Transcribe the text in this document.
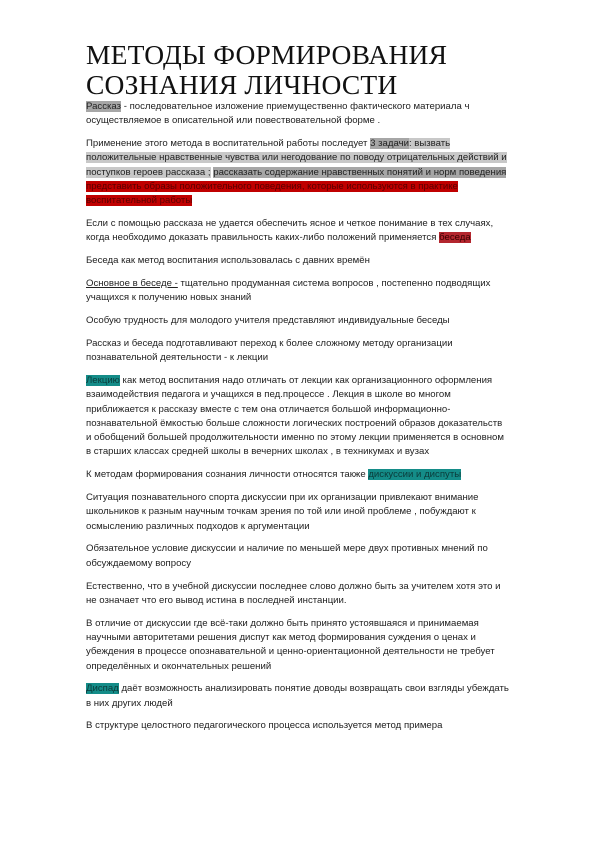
МЕТОДЫ ФОРМИРОВАНИЯ СОЗНАНИЯ ЛИЧНОСТИ

Рассказ - последовательное изложение приемущественно фактического материала ч осуществляемое в описательной или повествовательной форме .

Применение этого метода в воспитательной работы последует 3 задачи: вызвать положительные нравственные чувства или негодование по поводу отрицательных действий и поступков героев рассказа ; рассказать содержание нравственных понятий и норм поведения представить образы положительного поведения, которые используются в практике воспитательной работы

Если с помощью рассказа не удается обеспечить ясное и четкое понимание в тех случаях, когда необходимо доказать правильность каких-либо положений применяется беседа

Беседа как метод воспитания использовалась с давних времён

Основное в беседе - тщательно продуманная система вопросов , постепенно подводящих учащихся к получению новых знаний

Особую трудность для молодого учителя представляют индивидуальные беседы

Рассказ и беседа подготавливают переход к более сложному методу организации познавательной деятельности - к лекции

Лекцию как метод воспитания надо отличать от лекции как организационного оформления взаимодействия педагога и учащихся в пед.процессе . Лекция в школе во многом приближается к рассказу вместе с тем она отличается большой информационно-познавательной ёмкостью больше сложности логических построений образов доказательств и обобщений большей продолжительности именно по этому лекции применяется в основном в старших классах средней школы в вечерних школах , в техникумах и вузах

К методам формирования сознания личности относятся также дискуссии и диспуты

Ситуация познавательного спорта дискуссии при их организации привлекают внимание школьников к разным научным точкам зрения по той или иной проблеме , побуждают к осмыслению различных подходов к аргументации

Обязательное условие дискуссии и наличие по меньшей мере двух противных мнений по обсуждаемому вопросу

Естественно, что в учебной дискуссии последнее слово должно быть за учителем хотя это и не означает что его вывод истина в последней инстанции.

В отличие от дискуссии где всё-таки должно быть принято устоявшаяся и принимаемая научными авторитетами решения диспут как метод формирования суждения о ценах и убеждения в процессе опознавательной и ценно-ориентационной деятельности не требует определённых и окончательных решений

Диспад даёт возможность анализировать понятие доводы возвращать свои взгляды убеждать в них других людей

В структуре целостного педагогического процесса используется метод примера
